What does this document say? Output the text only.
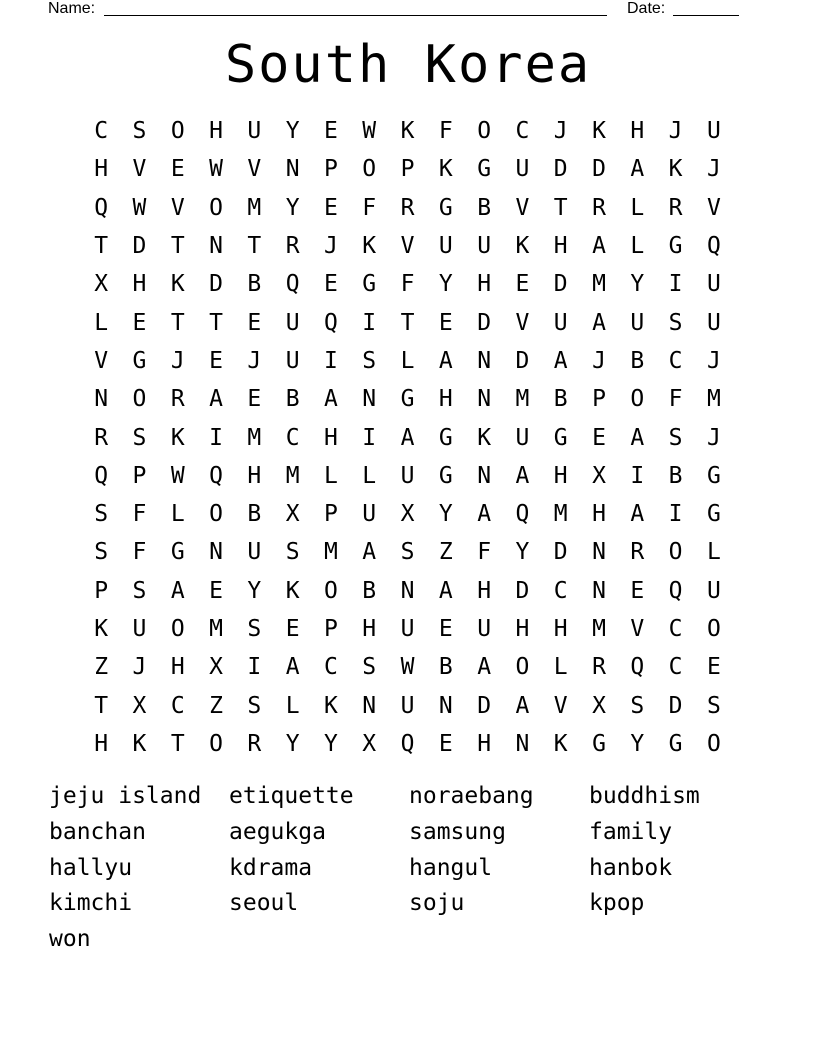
Name:	Date:
South Korea
C	S	O	H	U	Y	E	W	K	F	O	C	J	K	H	J	U
H	V	E	W	V	N	P	O	P	K	G	U	D	D	A	K	J
Q	W	V	O	M	Y	E	F	R	G	B	V	T	R	L	R	V
T	D	T	N	T	R	J	K	V	U	U	K	H	A	L	G	Q
X	H	K	D	B	Q	E	G	F	Y	H	E	D	M	Y	I	U
L	E	T	T	E	U	Q	I	T	E	D	V	U	A	U	S	U
V	G	J	E	J	U	I	S	L	A	N	D	A	J	B	C	J
N	O	R	A	E	B	A	N	G	H	N	M	B	P	O	F	M
R	S	K	I	M	C	H	I	A	G	K	U	G	E	A	S	J
Q	P	W	Q	H	M	L	L	U	G	N	A	H	X	I	B	G
S	F	L	O	B	X	P	U	X	Y	A	Q	M	H	A	I	G
S	F	G	N	U	S	M	A	S	Z	F	Y	D	N	R	O	L
P	S	A	E	Y	K	O	B	N	A	H	D	C	N	E	Q	U
K	U	O	M	S	E	P	H	U	E	U	H	H	M	V	C	O
Z	J	H	X	I	A	C	S	W	B	A	O	L	R	Q	C	E
T	X	C	Z	S	L	K	N	U	N	D	A	V	X	S	D	S
H	K	T	O	R	Y	Y	X	Q	E	H	N	K	G	Y	G	O
jeju island	etiquette	noraebang	buddhism
banchan	aegukga	samsung	family
hallyu	kdrama	hangul	hanbok
kimchi	seoul	soju	kpop
won
